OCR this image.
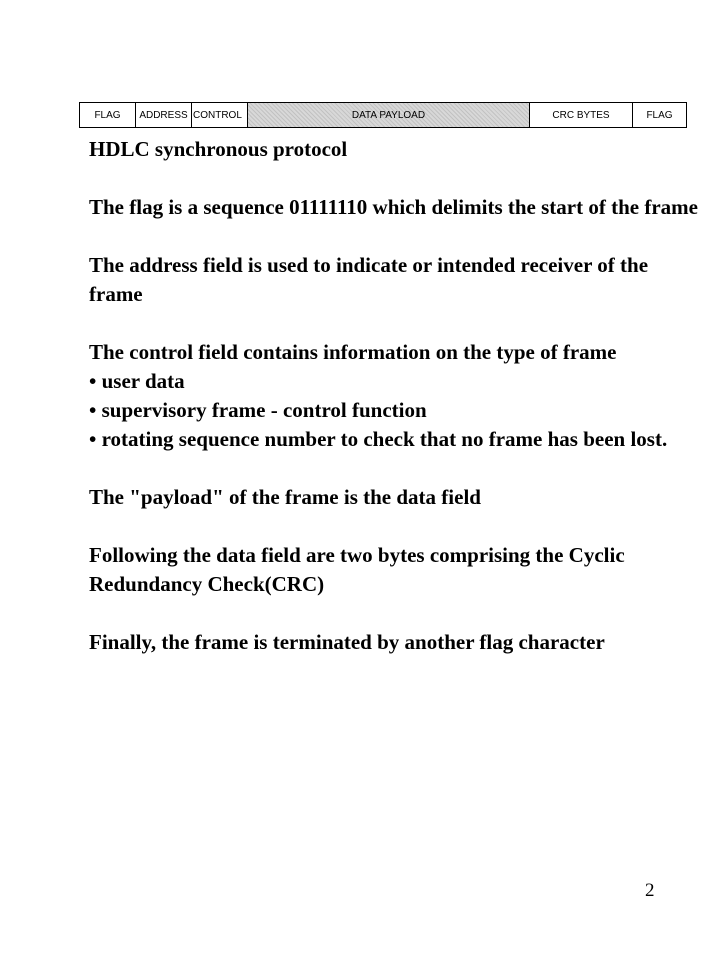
FLAG	ADDRESS CONTROL	DATA PAYLOAD	CRC BYTES	FLAG

HDLC synchronous protocol

The flag is a sequence 01111110 which delimits the start of the frame

The address field is used to indicate or intended receiver of the frame

The control field contains information on the type of frame

• user data

• supervisory frame - control function

• rotating sequence number to check that no frame has been lost.

The "payload" of the frame is the data field

Following the data field are two bytes comprising the Cyclic Redundancy Check(CRC)

Finally, the frame is terminated by another flag character

2
